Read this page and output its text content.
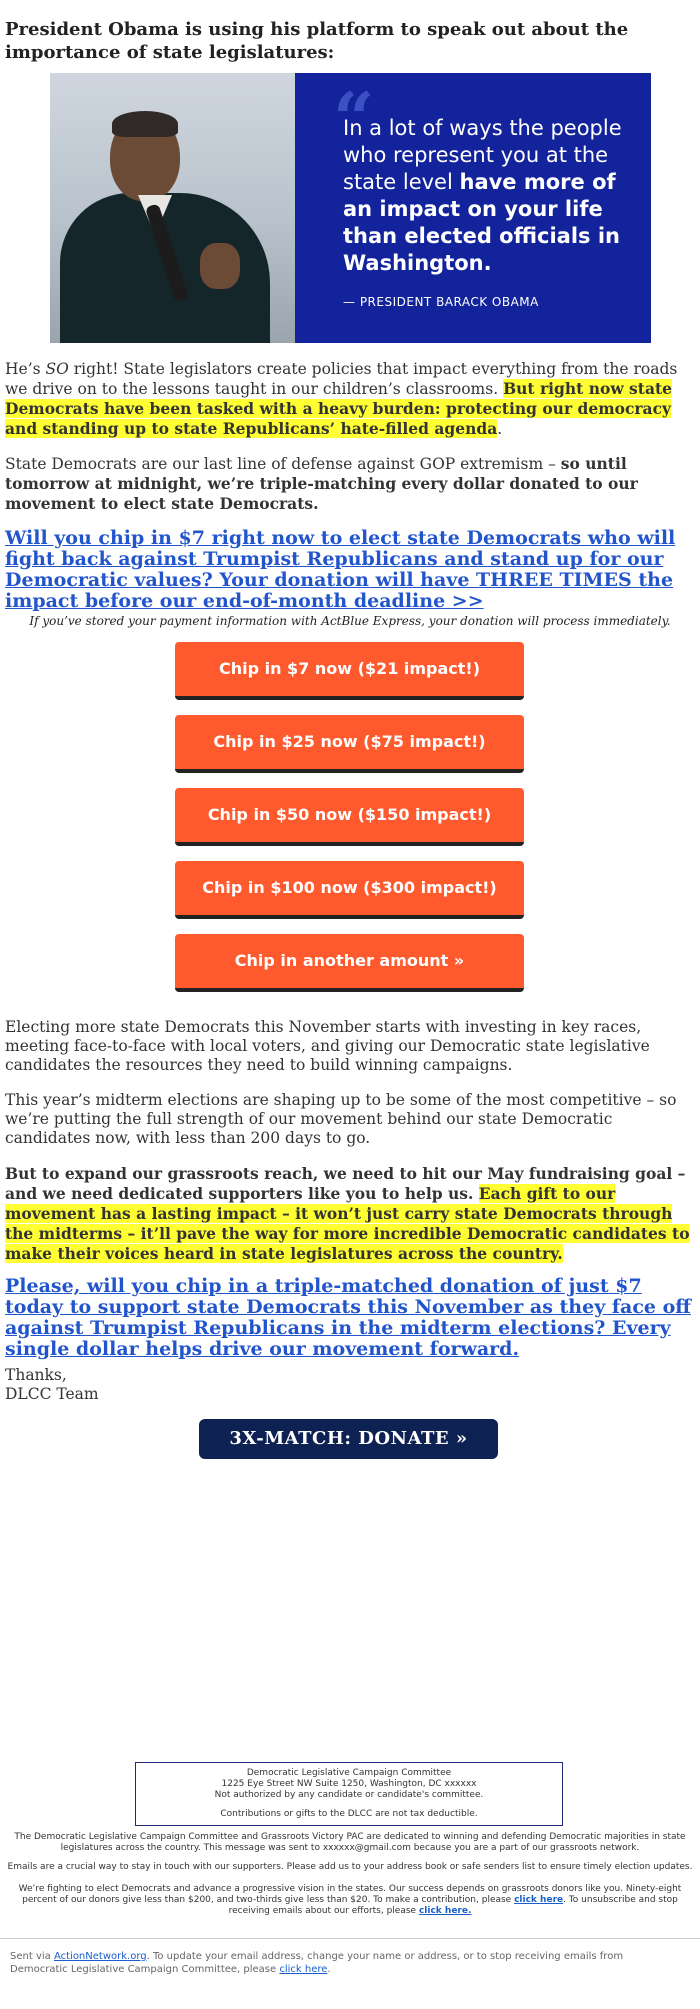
President Obama is using his platform to speak out about the importance of state legislatures:
“
In a lot of ways the people who represent you at the state level have more of an impact on your life than elected officials in Washington.
— PRESIDENT BARACK OBAMA

He’s SO right! State legislators create policies that impact everything from the roads we drive on to the lessons taught in our children’s classrooms. But right now state Democrats have been tasked with a heavy burden: protecting our democracy and standing up to state Republicans’ hate-filled agenda.

State Democrats are our last line of defense against GOP extremism – so until tomorrow at midnight, we’re triple-matching every dollar donated to our movement to elect state Democrats.

Will you chip in $7 right now to elect state Democrats who will fight back against Trumpist Republicans and stand up for our Democratic values? Your donation will have THREE TIMES the impact before our end-of-month deadline >>
If you’ve stored your payment information with ActBlue Express, your donation will process immediately.
Chip in $7 now ($21 impact!)
Chip in $25 now ($75 impact!)
Chip in $50 now ($150 impact!)
Chip in $100 now ($300 impact!)
Chip in another amount »

Electing more state Democrats this November starts with investing in key races, meeting face-to-face with local voters, and giving our Democratic state legislative candidates the resources they need to build winning campaigns.

This year’s midterm elections are shaping up to be some of the most competitive – so we’re putting the full strength of our movement behind our state Democratic candidates now, with less than 200 days to go.

But to expand our grassroots reach, we need to hit our May fundraising goal – and we need dedicated supporters like you to help us. Each gift to our movement has a lasting impact – it won’t just carry state Democrats through the midterms – it’ll pave the way for more incredible Democratic candidates to make their voices heard in state legislatures across the country.

Please, will you chip in a triple-matched donation of just $7 today to support state Democrats this November as they face off against Trumpist Republicans in the midterm elections? Every single dollar helps drive our movement forward.
Thanks,
DLCC Team
3X-MATCH: DONATE »
Democratic Legislative Campaign Committee
1225 Eye Street NW Suite 1250, Washington, DC xxxxxx
Not authorized by any candidate or candidate's committee.
Contributions or gifts to the DLCC are not tax deductible.
The Democratic Legislative Campaign Committee and Grassroots Victory PAC are dedicated to winning and defending Democratic majorities in state legislatures across the country. This message was sent to xxxxxx@gmail.com because you are a part of our grassroots network.
Emails are a crucial way to stay in touch with our supporters. Please add us to your address book or safe senders list to ensure timely election updates.
We’re fighting to elect Democrats and advance a progressive vision in the states. Our success depends on grassroots donors like you. Ninety-eight percent of our donors give less than $200, and two-thirds give less than $20. To make a contribution, please click here. To unsubscribe and stop receiving emails about our efforts, please click here.
Sent via ActionNetwork.org. To update your email address, change your name or address, or to stop receiving emails from Democratic Legislative Campaign Committee, please click here.
